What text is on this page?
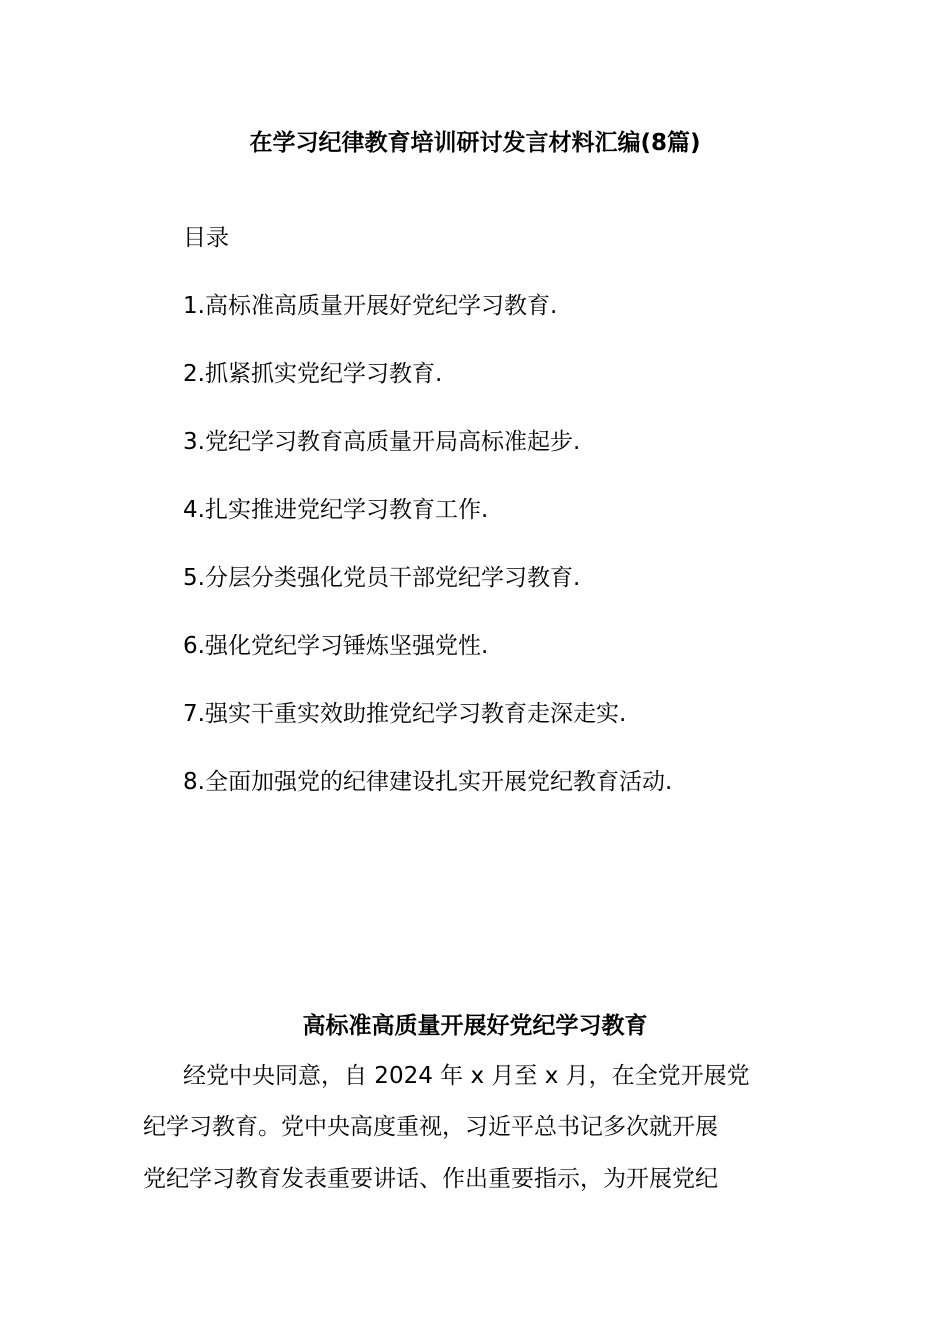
在学习纪律教育培训研讨发言材料汇编(8篇)
目录
1.高标准高质量开展好党纪学习教育.
2.抓紧抓实党纪学习教育.
3.党纪学习教育高质量开局高标准起步.
4.扎实推进党纪学习教育工作.
5.分层分类强化党员干部党纪学习教育.
6.强化党纪学习锤炼坚强党性.
7.强实干重实效助推党纪学习教育走深走实.
8.全面加强党的纪律建设扎实开展党纪教育活动.
高标准高质量开展好党纪学习教育
经党中央同意，自 2024 年 x 月至 x 月，在全党开展党
纪学习教育。党中央高度重视，习近平总书记多次就开展
党纪学习教育发表重要讲话、作出重要指示，为开展党纪
